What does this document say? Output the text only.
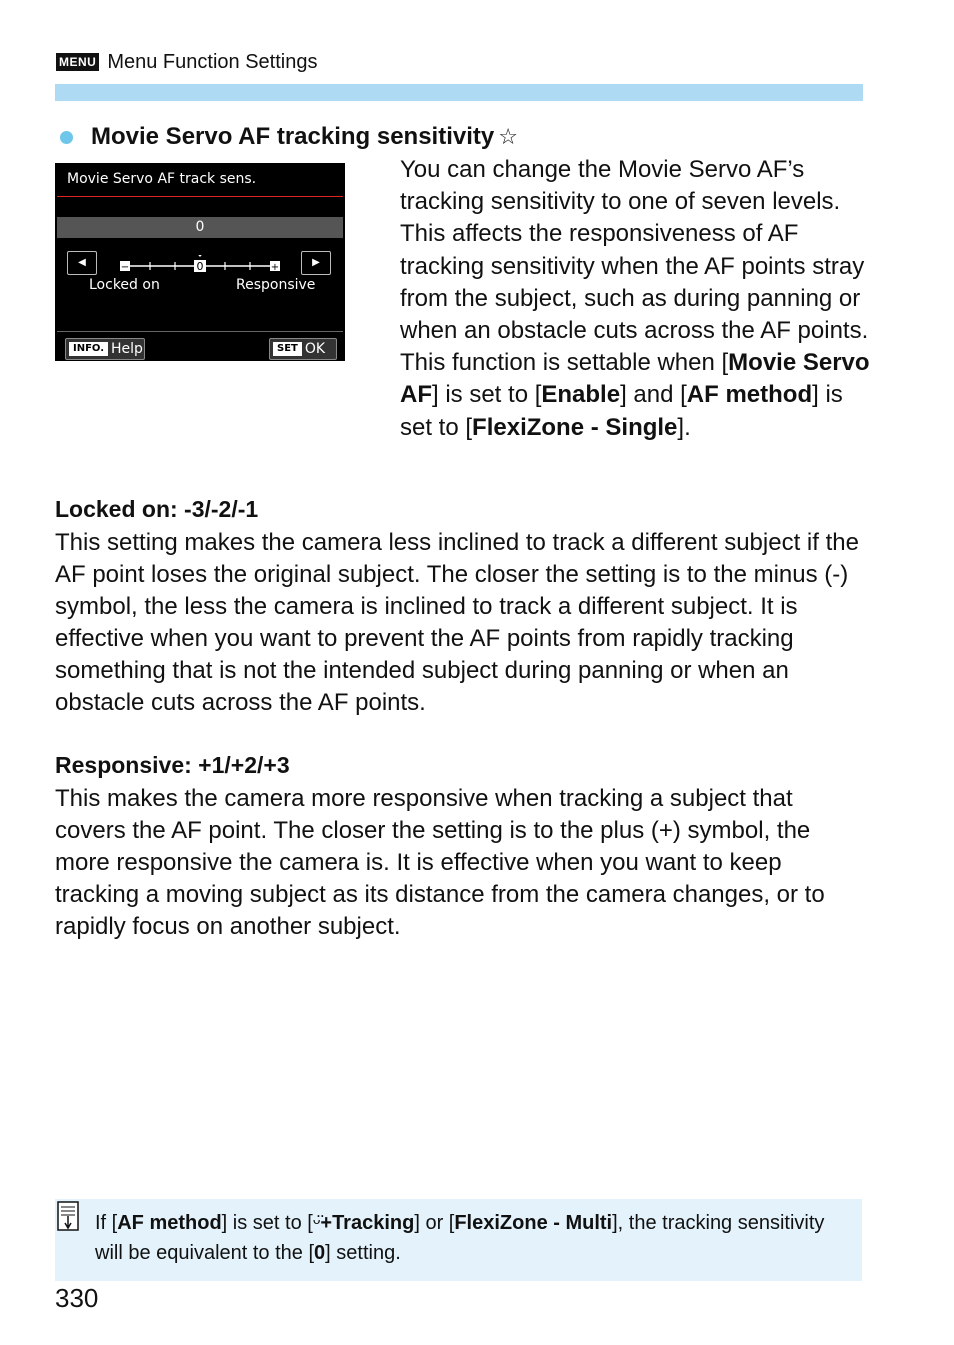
MENU Menu Function Settings
Movie Servo AF tracking sensitivity ☆
Movie Servo AF track sens.
0
◀	▶
−	+
0
Locked on	Responsive
INFO. Help	SET OK

You can change the Movie Servo AF’s tracking sensitivity to one of seven levels. This affects the responsiveness of AF tracking sensitivity when the AF points stray from the subject, such as during panning or when an obstacle cuts across the AF points.

This function is settable when [Movie Servo AF] is set to [Enable] and [AF method] is set to [FlexiZone - Single].

Locked on: -3/-2/-1

This setting makes the camera less inclined to track a different subject if the AF point loses the original subject. The closer the setting is to the minus (-) symbol, the less the camera is inclined to track a different subject. It is effective when you want to prevent the AF points from rapidly tracking something that is not the intended subject during panning or when an obstacle cuts across the AF points.

Responsive: +1/+2/+3

This makes the camera more responsive when tracking a subject that covers the AF point. The closer the setting is to the plus (+) symbol, the more responsive the camera is. It is effective when you want to keep tracking a moving subject as its distance from the camera changes, or to rapidly focus on another subject.

If [AF method] is set to [ᵕ̈+Tracking] or [FlexiZone - Multi], the tracking sensitivity will be equivalent to the [0] setting.
330
